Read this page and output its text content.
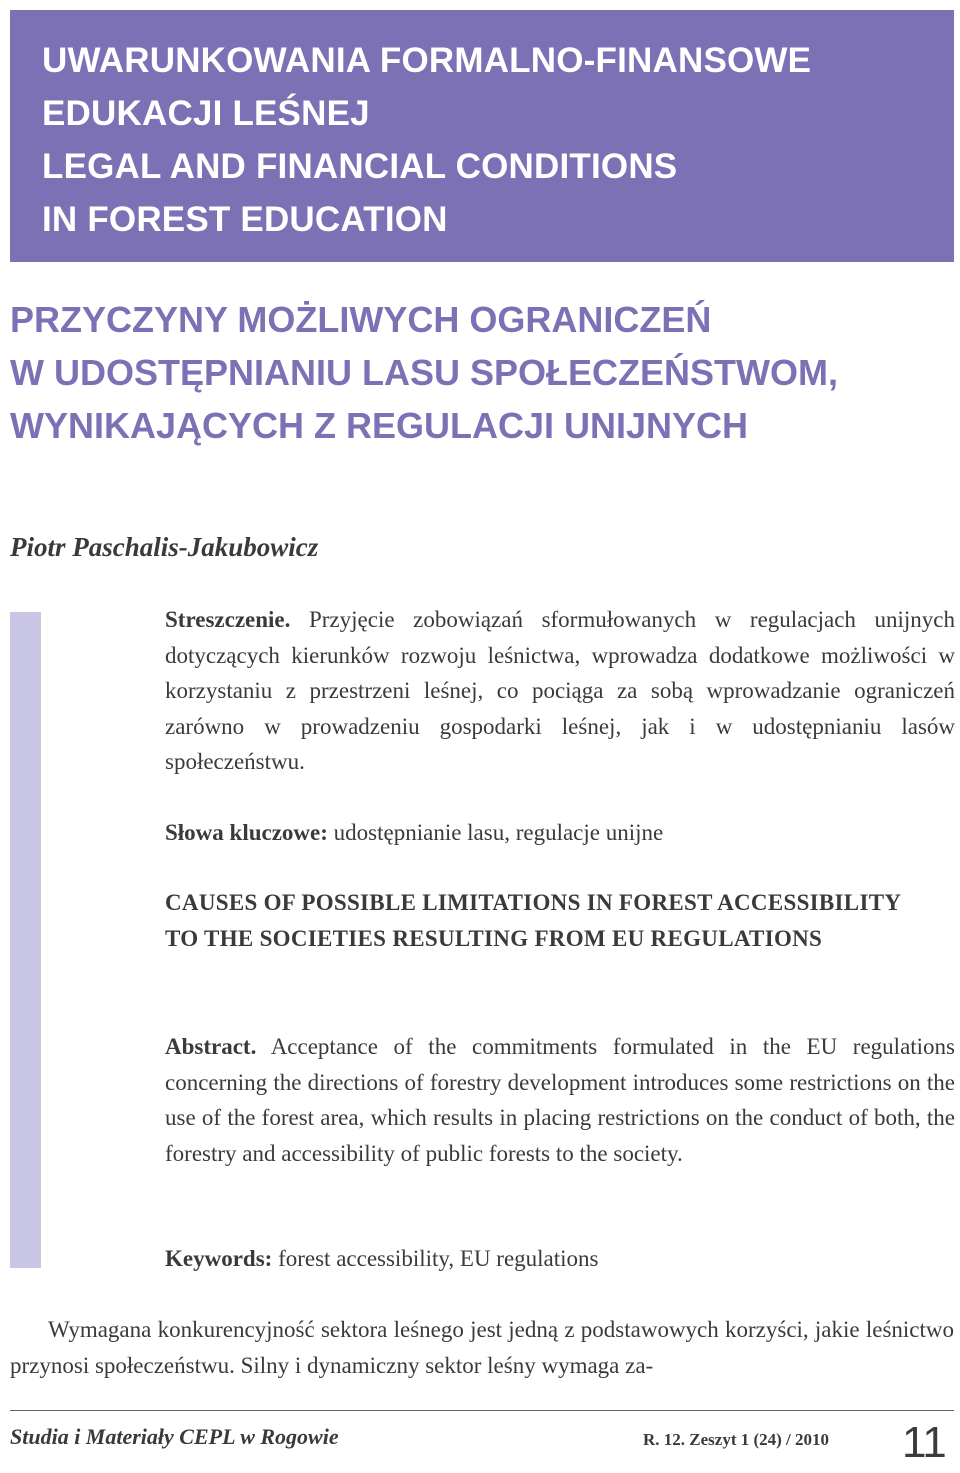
UWARUNKOWANIA FORMALNO-FINANSOWE
EDUKACJI LEŚNEJ
LEGAL AND FINANCIAL CONDITIONS
IN FOREST EDUCATION
PRZYCZYNY MOŻLIWYCH OGRANICZEŃ
W UDOSTĘPNIANIU LASU SPOŁECZEŃSTWOM,
WYNIKAJĄCYCH Z REGULACJI UNIJNYCH
Piotr Paschalis-Jakubowicz
Streszczenie. Przyjęcie zobowiązań sformułowanych w regulacjach unijnych dotyczących kierunków rozwoju leśnictwa, wprowadza dodatkowe możliwości w korzystaniu z przestrzeni leśnej, co pociąga za sobą wprowadzanie ograniczeń zarówno w prowadzeniu gospodarki leśnej, jak i w udostępnianiu lasów społeczeństwu.
Słowa kluczowe: udostępnianie lasu, regulacje unijne
CAUSES OF POSSIBLE LIMITATIONS IN FOREST ACCESSIBILITY TO THE SOCIETIES RESULTING FROM EU REGULATIONS
Abstract. Acceptance of the commitments formulated in the EU regulations concerning the directions of forestry development introduces some restrictions on the use of the forest area, which results in placing restrictions on the conduct of both, the forestry and accessibility of public forests to the society.
Keywords: forest accessibility, EU regulations
Wymagana konkurencyjność sektora leśnego jest jedną z podstawowych korzyści, jakie leśnictwo przynosi społeczeństwu. Silny i dynamiczny sektor leśny wymaga za-
Studia i Materiały CEPL w Rogowie	R. 12. Zeszyt 1 (24) / 2010 11
